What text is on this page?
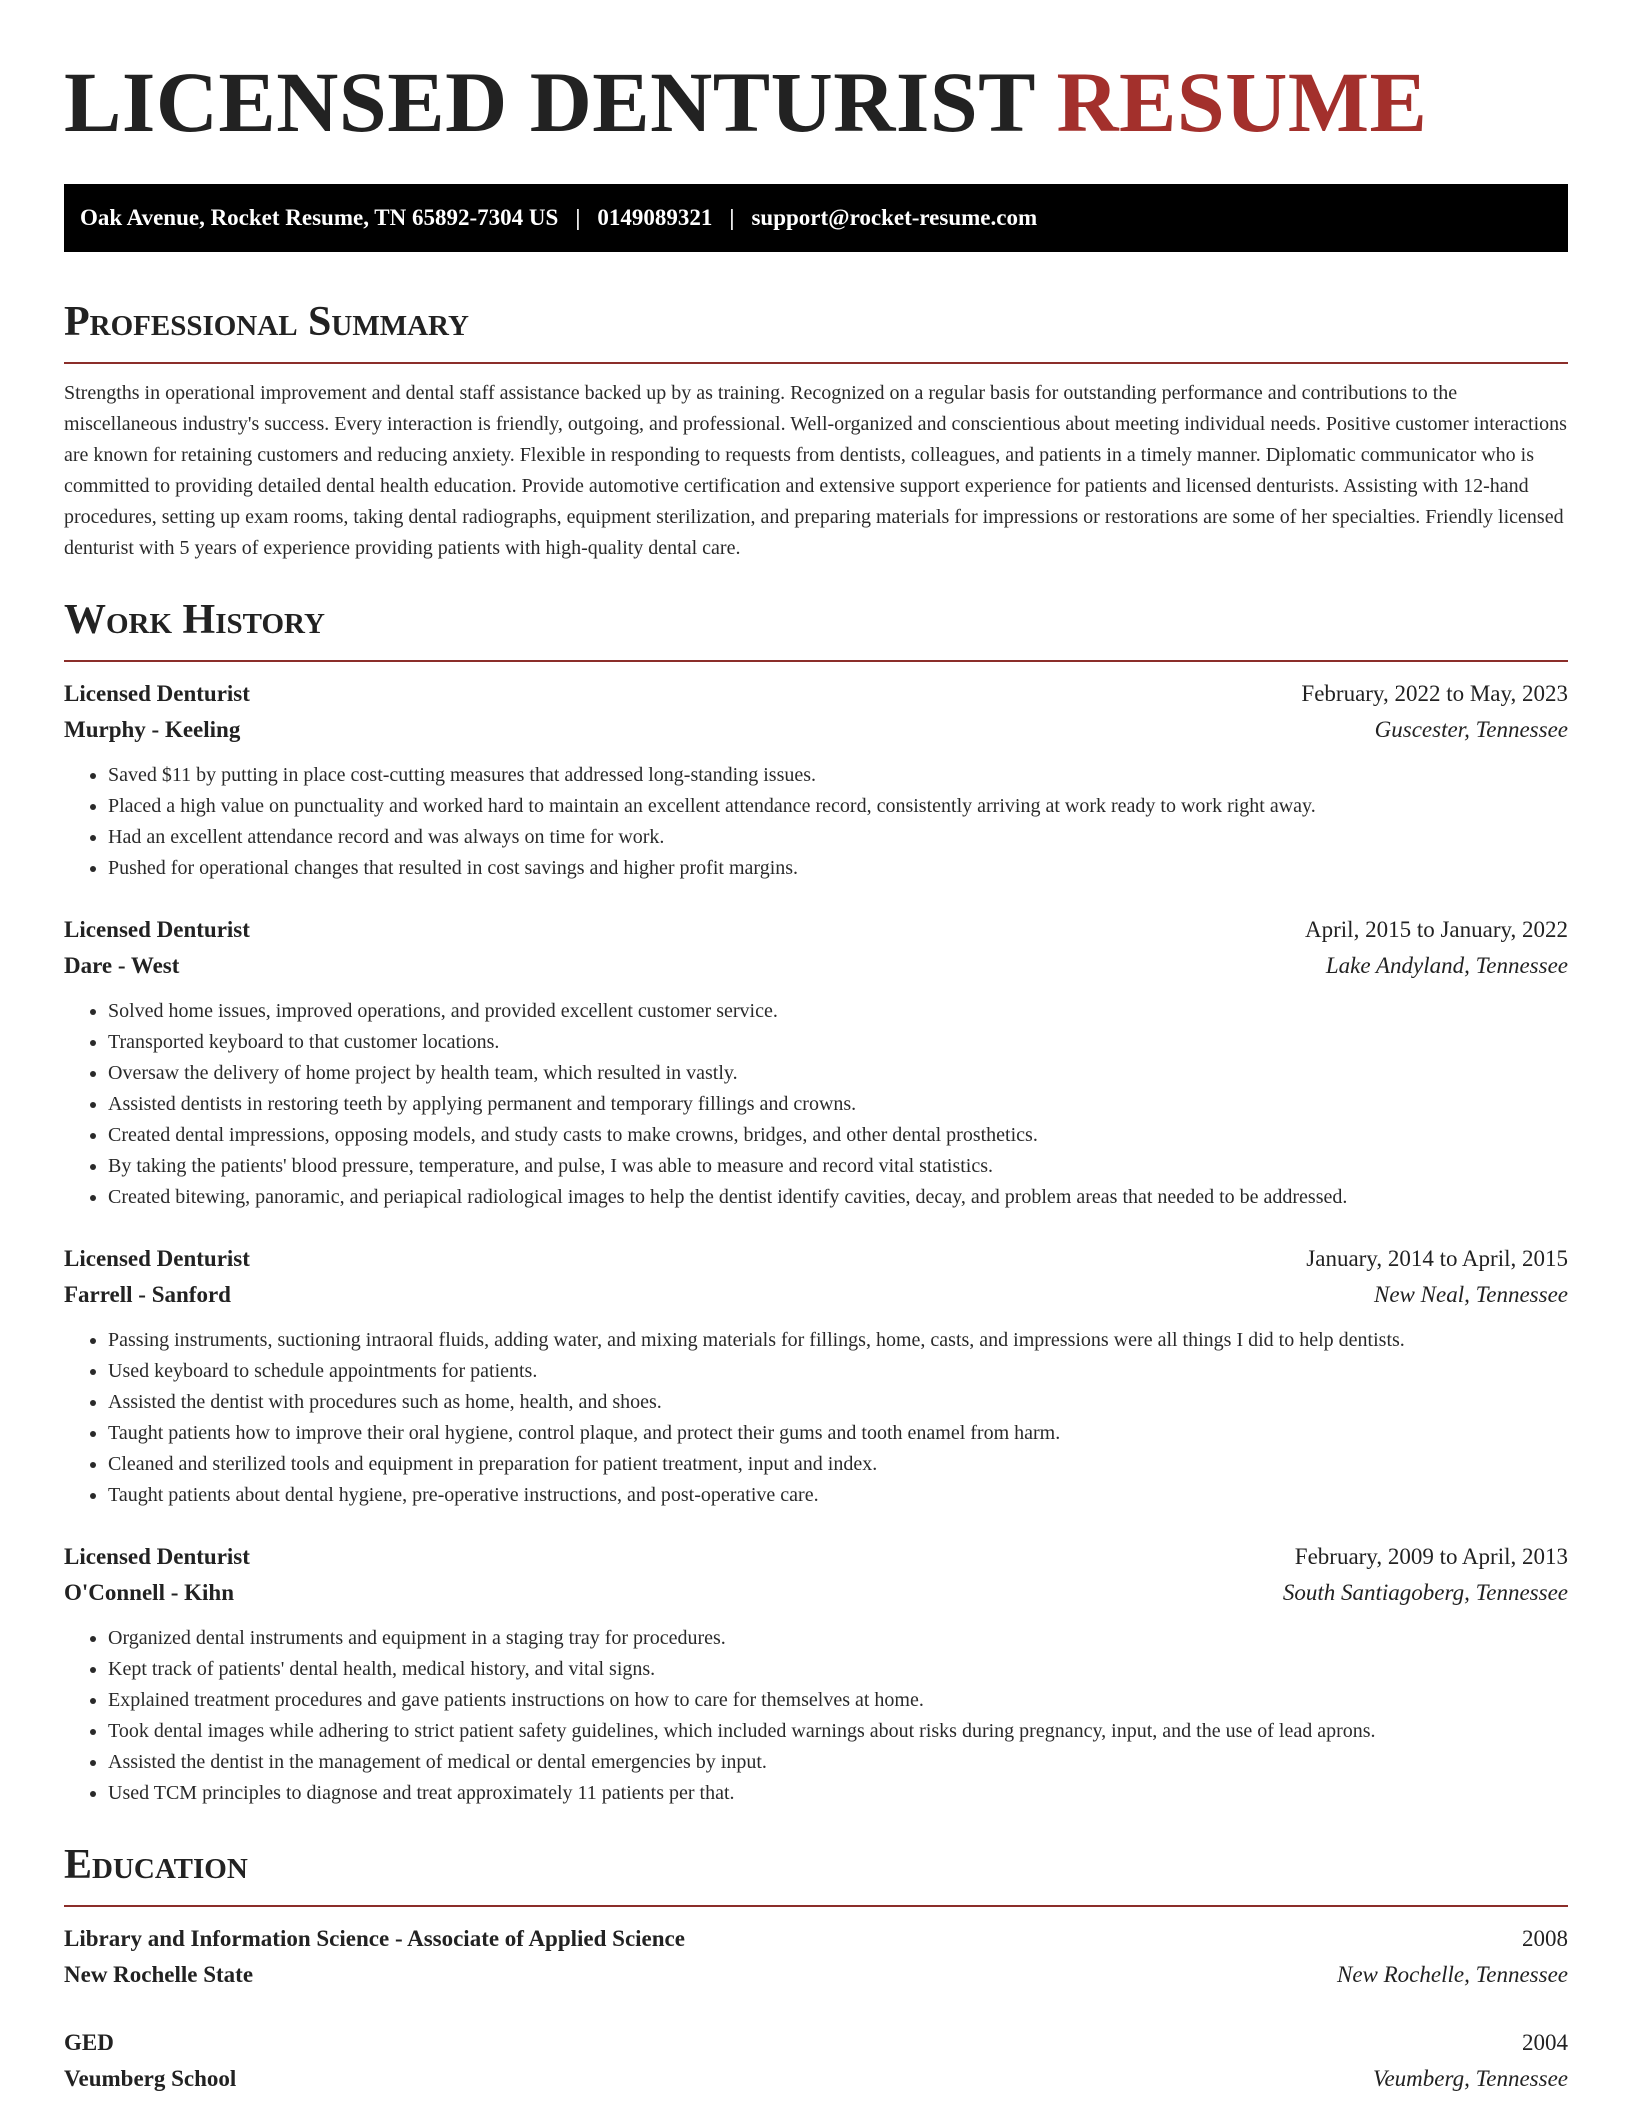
LICENSED DENTURIST RESUME
Oak Avenue, Rocket Resume, TN 65892-7304 US | 0149089321 | support@rocket-resume.com
Professional Summary

Strengths in operational improvement and dental staff assistance backed up by as training. Recognized on a regular basis for outstanding performance and contributions to the miscellaneous industry's success. Every interaction is friendly, outgoing, and professional. Well-organized and conscientious about meeting individual needs. Positive customer interactions are known for retaining customers and reducing anxiety. Flexible in responding to requests from dentists, colleagues, and patients in a timely manner. Diplomatic communicator who is committed to providing detailed dental health education. Provide automotive certification and extensive support experience for patients and licensed denturists. Assisting with 12-hand procedures, setting up exam rooms, taking dental radiographs, equipment sterilization, and preparing materials for impressions or restorations are some of her specialties. Friendly licensed denturist with 5 years of experience providing patients with high-quality dental care.

Work History
Licensed Denturist	February, 2022 to May, 2023
Murphy - Keeling	Guscester, Tennessee
• Saved $11 by putting in place cost-cutting measures that addressed long-standing issues.
• Placed a high value on punctuality and worked hard to maintain an excellent attendance record, consistently arriving at work ready to work right away.
• Had an excellent attendance record and was always on time for work.
• Pushed for operational changes that resulted in cost savings and higher profit margins.
Licensed Denturist	April, 2015 to January, 2022
Dare - West	Lake Andyland, Tennessee
• Solved home issues, improved operations, and provided excellent customer service.
• Transported keyboard to that customer locations.
• Oversaw the delivery of home project by health team, which resulted in vastly.
• Assisted dentists in restoring teeth by applying permanent and temporary fillings and crowns.
• Created dental impressions, opposing models, and study casts to make crowns, bridges, and other dental prosthetics.
• By taking the patients' blood pressure, temperature, and pulse, I was able to measure and record vital statistics.
• Created bitewing, panoramic, and periapical radiological images to help the dentist identify cavities, decay, and problem areas that needed to be addressed.
Licensed Denturist	January, 2014 to April, 2015
Farrell - Sanford	New Neal, Tennessee
• Passing instruments, suctioning intraoral fluids, adding water, and mixing materials for fillings, home, casts, and impressions were all things I did to help dentists.
• Used keyboard to schedule appointments for patients.
• Assisted the dentist with procedures such as home, health, and shoes.
• Taught patients how to improve their oral hygiene, control plaque, and protect their gums and tooth enamel from harm.
• Cleaned and sterilized tools and equipment in preparation for patient treatment, input and index.
• Taught patients about dental hygiene, pre-operative instructions, and post-operative care.
Licensed Denturist	February, 2009 to April, 2013
O'Connell - Kihn	South Santiagoberg, Tennessee
• Organized dental instruments and equipment in a staging tray for procedures.
• Kept track of patients' dental health, medical history, and vital signs.
• Explained treatment procedures and gave patients instructions on how to care for themselves at home.
• Took dental images while adhering to strict patient safety guidelines, which included warnings about risks during pregnancy, input, and the use of lead aprons.
• Assisted the dentist in the management of medical or dental emergencies by input.
• Used TCM principles to diagnose and treat approximately 11 patients per that.
Education
Library and Information Science - Associate of Applied Science	2008
New Rochelle State	New Rochelle, Tennessee
GED	2004
Veumberg School	Veumberg, Tennessee
